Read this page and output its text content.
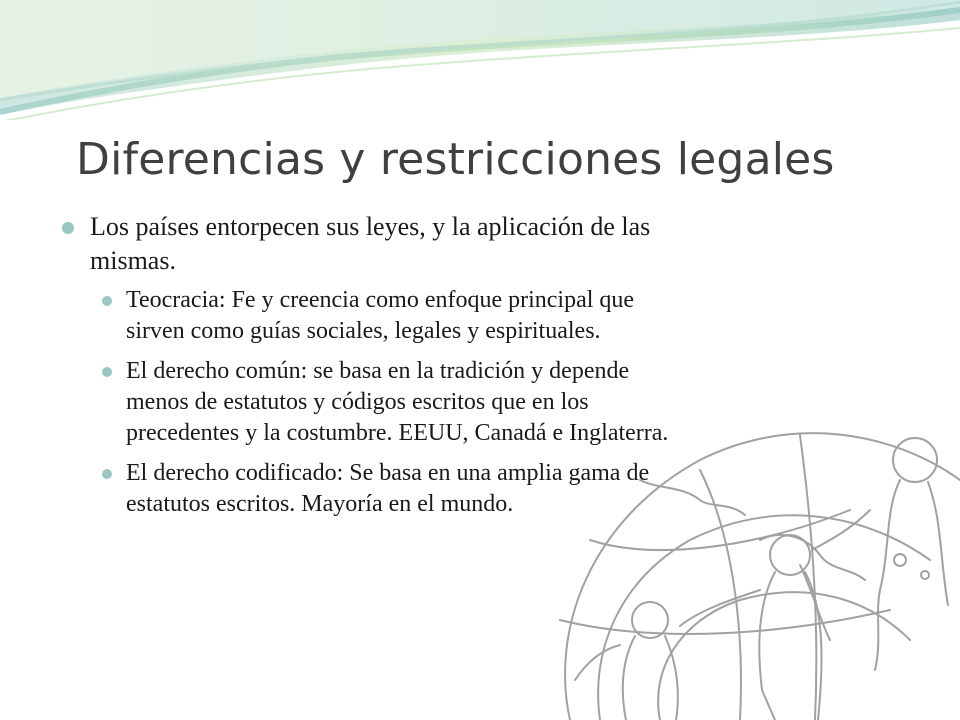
Diferencias y restricciones legales
Los países entorpecen sus leyes, y la aplicación de las
mismas.
Teocracia: Fe y creencia como enfoque principal que
sirven como guías sociales, legales y espirituales.
El derecho común: se basa en la tradición y depende
menos de estatutos y códigos escritos que en los
precedentes y la costumbre. EEUU, Canadá e Inglaterra.
El derecho codificado: Se basa en una amplia gama de
estatutos escritos. Mayoría en el mundo.
